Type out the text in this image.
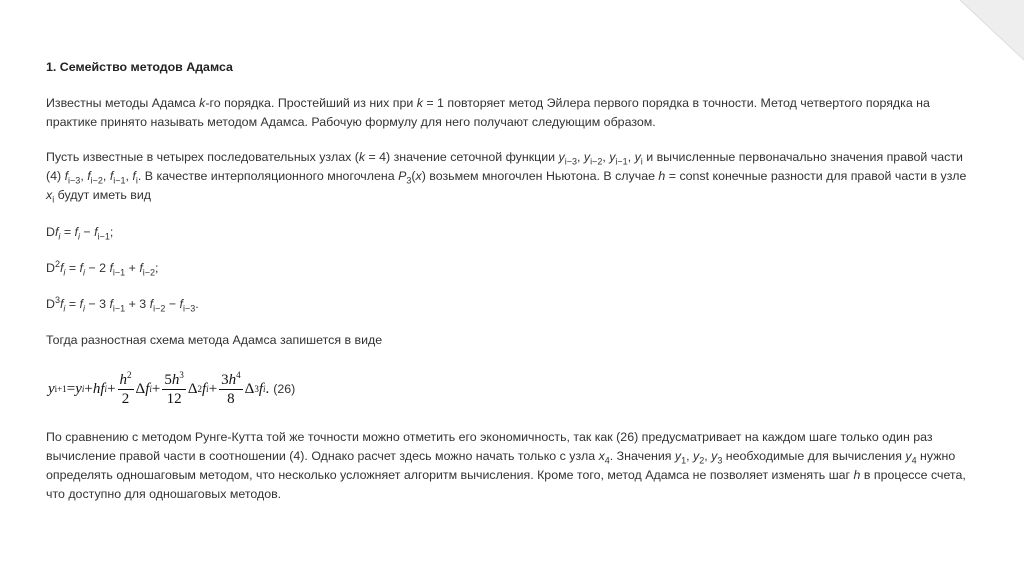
1. Семейство методов Адамса

Известны методы Адамса k-го порядка. Простейший из них при k = 1 повторяет метод Эйлера первого порядка в точности. Метод четвертого порядка на практике принято называть методом Адамса. Рабочую формулу для него получают следующим образом.

Пусть известные в четырех последовательных узлах (k = 4) значение сеточной функции $y_{i-3}$, $y_{i-2}$, $y_{i-1}$, $y_i$ и вычисленные первоначально значения правой части (4) $f_{i-3}$, $f_{i-2}$, $f_{i-1}$, $f_i$. В качестве интерполяционного многочлена $P_3(x)$ возьмем многочлен Ньютона. В случае h = const конечные разности для правой части в узле $x_i$ будут иметь вид

$Df_i = f_i - f_{i-1}$;
$D^2f_i = f_i - 2$ $f_{i-1} + f_{i-2}$;
$D^3f_i = f_i - 3$ $f_{i-1} + 3$ $f_{i-2} - f_{i-3}$.

Тогда разностная схема метода Адамса запишется в виде

y i+1 = y i + h f $i + \frac{h^2}{2}$ Δ f $i + \frac{5h^3}{12}$ Δ 2 f $i + \frac{3h^4}{8}$ Δ 3 f i . (26)

По сравнению с методом Рунге-Кутта той же точности можно отметить его экономичность, так как (26) предусматривает на каждом шаге только один раз вычисление правой части в соотношении (4). Однако расчет здесь можно начать только с узла $x_4$. Значения $y_1$, $y_2$, $y_3$ необходимые для вычисления $y_4$ нужно определять одношаговым методом, что несколько усложняет алгоритм вычисления. Кроме того, метод Адамса не позволяет изменять шаг h в процессе счета, что доступно для одношаговых методов.
